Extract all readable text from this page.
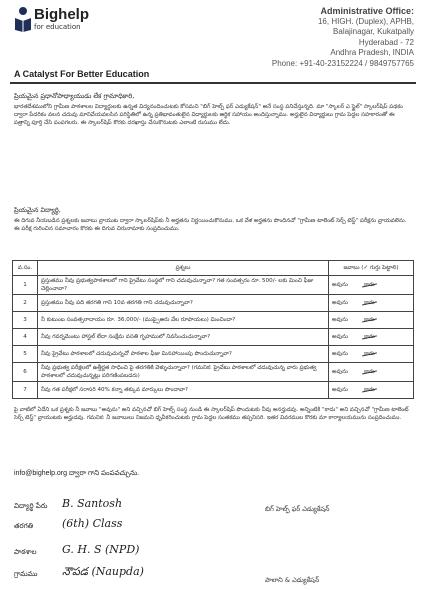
Bighelp
for education
Administrative Office:
16, HIGH. (Duplex), APHB,
Balajinagar, Kukatpally
Hyderabad - 72
Andhra Pradesh, INDIA
Phone: +91-40-23152224 / 9849757765
A Catalyst For Better Education
ప్రియమైన ప్రధానోపాధ్యాయుడు లేక గ్రామాధికారి,
భారతదేశములోని గ్రామీణ పాఠశాలల విద్యార్థులకు ఉన్నత విద్యనందించుటకు కోసమని "బిగ్ హెల్ప్ ఫర్ ఎడ్యుకేషన్" అనే సంస్థ పనిచేస్తున్నది. మా "స్కాలర్ ఎ స్టైల్" స్కాలర్‌షిప్ పథకం ద్వారా పేదరికం వలన చదువు మానివేయవలసిన పరిస్థితిలో ఉన్న ప్రతిభావంతులైన విద్యార్థులకు ఆర్థిక సహాయం అందిస్తున్నాము. అర్హులైన విద్యార్థులు గ్రామ పెద్దల సహకారంతో ఈ పత్రాన్ని పూర్తి చేసి పంపగలరు. ఈ స్కాలర్‌షిప్ కొరకు దరఖాస్తు చేసుకొనుటకు ఎలాంటి రుసుము లేదు.
ప్రియమైన విద్యార్థి,
ఈ దిగువ నీయబడిన ప్రశ్నలకు జవాబు వ్రాయుట ద్వారా స్కాలర్‌షిప్‌కు నీ అర్హతను నిర్ణయించుకొనుము. ఒక వేళ అర్హతను పొందినచో "గ్రామీణ టాలెంట్ సెర్చ్ టెస్ట్" పరీక్షను వ్రాయవలెను. ఈ పరీక్ష గురించిన సమాచారం కొరకు ఈ దిగువ చిరునామాకు సంప్రదించుము.
వ.సం.	ప్రశ్నలు	జవాబు (✓ గుర్తు పెట్టాలి)
1	ప్రస్తుతము నీవు ప్రభుత్వపాఠశాలలో గాని ప్రైవేటు సంస్థలో గాని చదువుచున్నావా? గత సంవత్సరం రూ. 500/- లకు మించి ఫీజు చెల్లించావా?	అవును

2	ప్రస్తుతము నీవు పది తరగతి గాని 10వ తరగతి గాని చదువుచున్నావా?	అవును

3	నీ కుటుంబ సంవత్సరాదాయం రూ. 36,000/- (ముప్పైఆరు వేల రూపాయలు) మించిందా?	అవును

4	నీవు గవర్నమెంటు హాస్టల్ లేదా సంక్షేమ వసతి గృహములో నివసించుచున్నావా?	అవును

5	నీవు ప్రైవేటు పాఠశాలలో చదువుచున్నచో పాఠశాల ఫీజు మినహాయింపు పొందుచున్నావా?	అవును

6	నీవు ప్రభుత్వ పరీక్షలలో ఉత్తీర్ణత సాధించి పై తరగతికి వెళ్ళుచున్నావా? (గమనిక: ప్రైవేటు పాఠశాలలో చదువుచున్న వారు ప్రభుత్వ పాఠశాలలో చదువుచున్నట్లు పరిగణింపబడరు)	అవును

7	నీవు గత పరీక్షలో సరాసరి 40% కన్నా తక్కువ మార్కులు పొందావా?	అవును
పై వాటిలో ఏదేని ఒక ప్రశ్నకు నీ జవాబు "అవును" అని వచ్చినచో బిగ్ హెల్ప్ సంస్థ నుండి ఈ స్కాలర్‌షిప్ పొందుటకు నీవు అనర్హుడవు. అన్నింటికి "కాదు" అని వచ్చినచో "గ్రామీణ టాలెంట్ సెర్చ్ టెస్ట్" వ్రాయుటకు అర్హుడవు. గమనిక: నీ జవాబులు నిజమని ధృవీకరించుటకు గ్రామ పెద్దల సంతకము తప్పనిసరి. ఇతర వివరముల కొరకు మా కార్యాలయమును సంప్రదించుము.
info@bighelp.org ద్వారా గాని పంపవచ్చును.
విద్యార్థి పేరు B. Santosh
తరగతి	(6th) Class
పాఠశాల G. H. S (NPD)
గ్రామము నౌపడ (Naupda)
బిగ్ హెల్ప్ ఫర్ ఎడ్యుకేషన్
పాలాని & ఎడ్యుకేషన్
